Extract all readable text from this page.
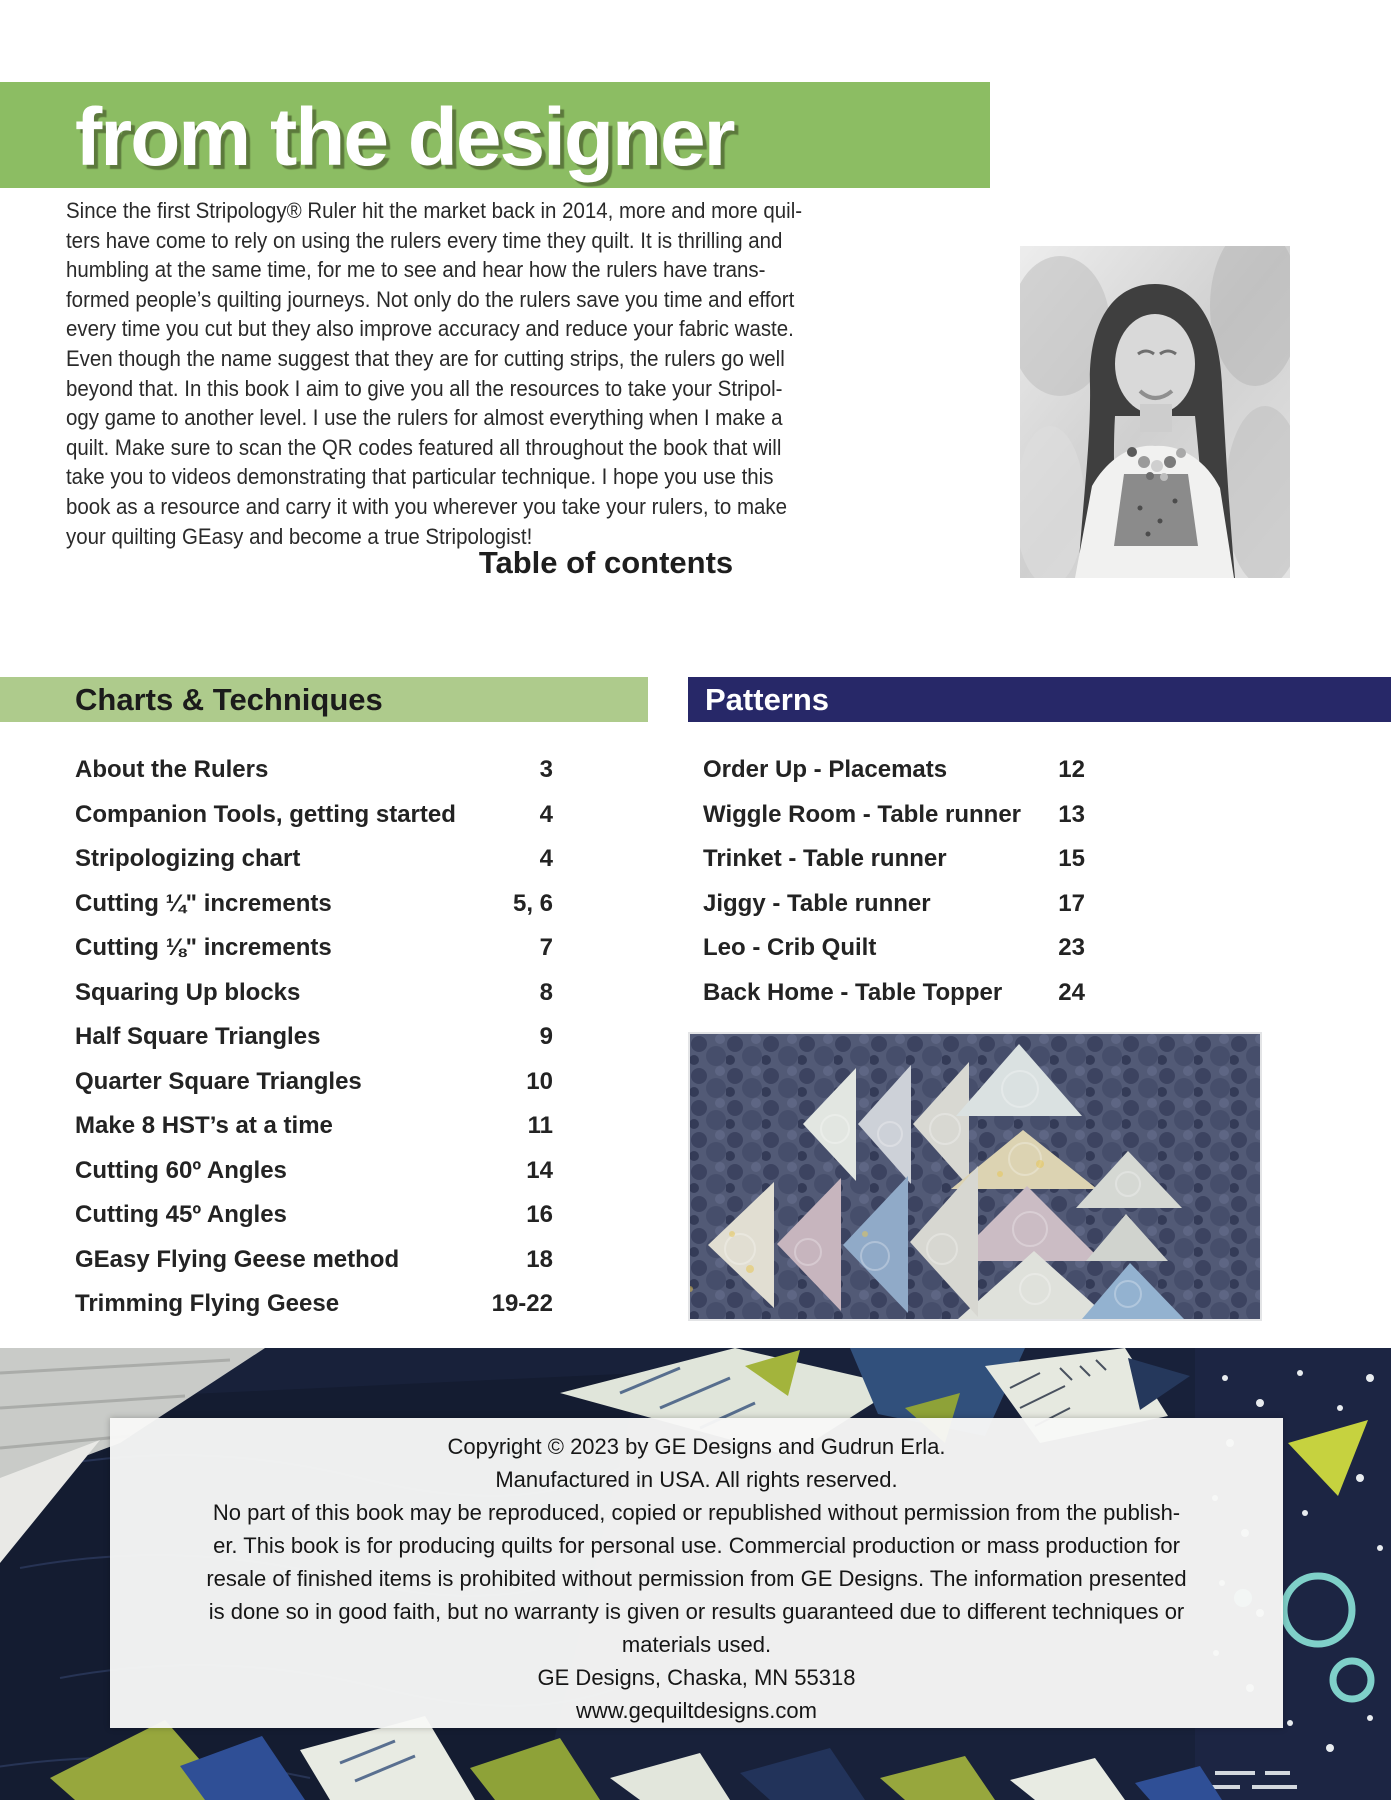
from the designer
Since the first Stripology® Ruler hit the market back in 2014, more and more quil-
ters have come to rely on using the rulers every time they quilt. It is thrilling and
humbling at the same time, for me to see and hear how the rulers have trans-
formed people’s quilting journeys. Not only do the rulers save you time and effort
every time you cut but they also improve accuracy and reduce your fabric waste.
Even though the name suggest that they are for cutting strips, the rulers go well
beyond that. In this book I aim to give you all the resources to take your Stripol-
ogy game to another level. I use the rulers for almost everything when I make a
quilt. Make sure to scan the QR codes featured all throughout the book that will
take you to videos demonstrating that particular technique. I hope you use this
book as a resource and carry it with you wherever you take your rulers, to make
your quilting GEasy and become a true Stripologist!
Table of contents
Charts & Techniques	Patterns
About the Rulers	3
Companion Tools, getting started	4
Stripologizing chart	4
Cutting ¼" increments	5, 6
Cutting ⅛" increments	7
Squaring Up blocks	8
Half Square Triangles	9
Quarter Square Triangles	10
Make 8 HST’s at a time	11
Cutting 60º Angles	14
Cutting 45º Angles	16
GEasy Flying Geese method	18
Trimming Flying Geese	19-22
Order Up - Placemats	12
Wiggle Room - Table runner 13
Trinket - Table runner	15
Jiggy - Table runner	17
Leo - Crib Quilt	23
Back Home - Table Topper 24
Copyright © 2023 by GE Designs and Gudrun Erla.
Manufactured in USA. All rights reserved.
No part of this book may be reproduced, copied or republished without permission from the publish-
er. This book is for producing quilts for personal use. Commercial production or mass production for
resale of finished items is prohibited without permission from GE Designs. The information presented
is done so in good faith, but no warranty is given or results guaranteed due to different techniques or
materials used.
GE Designs, Chaska, MN 55318
www.gequiltdesigns.com
